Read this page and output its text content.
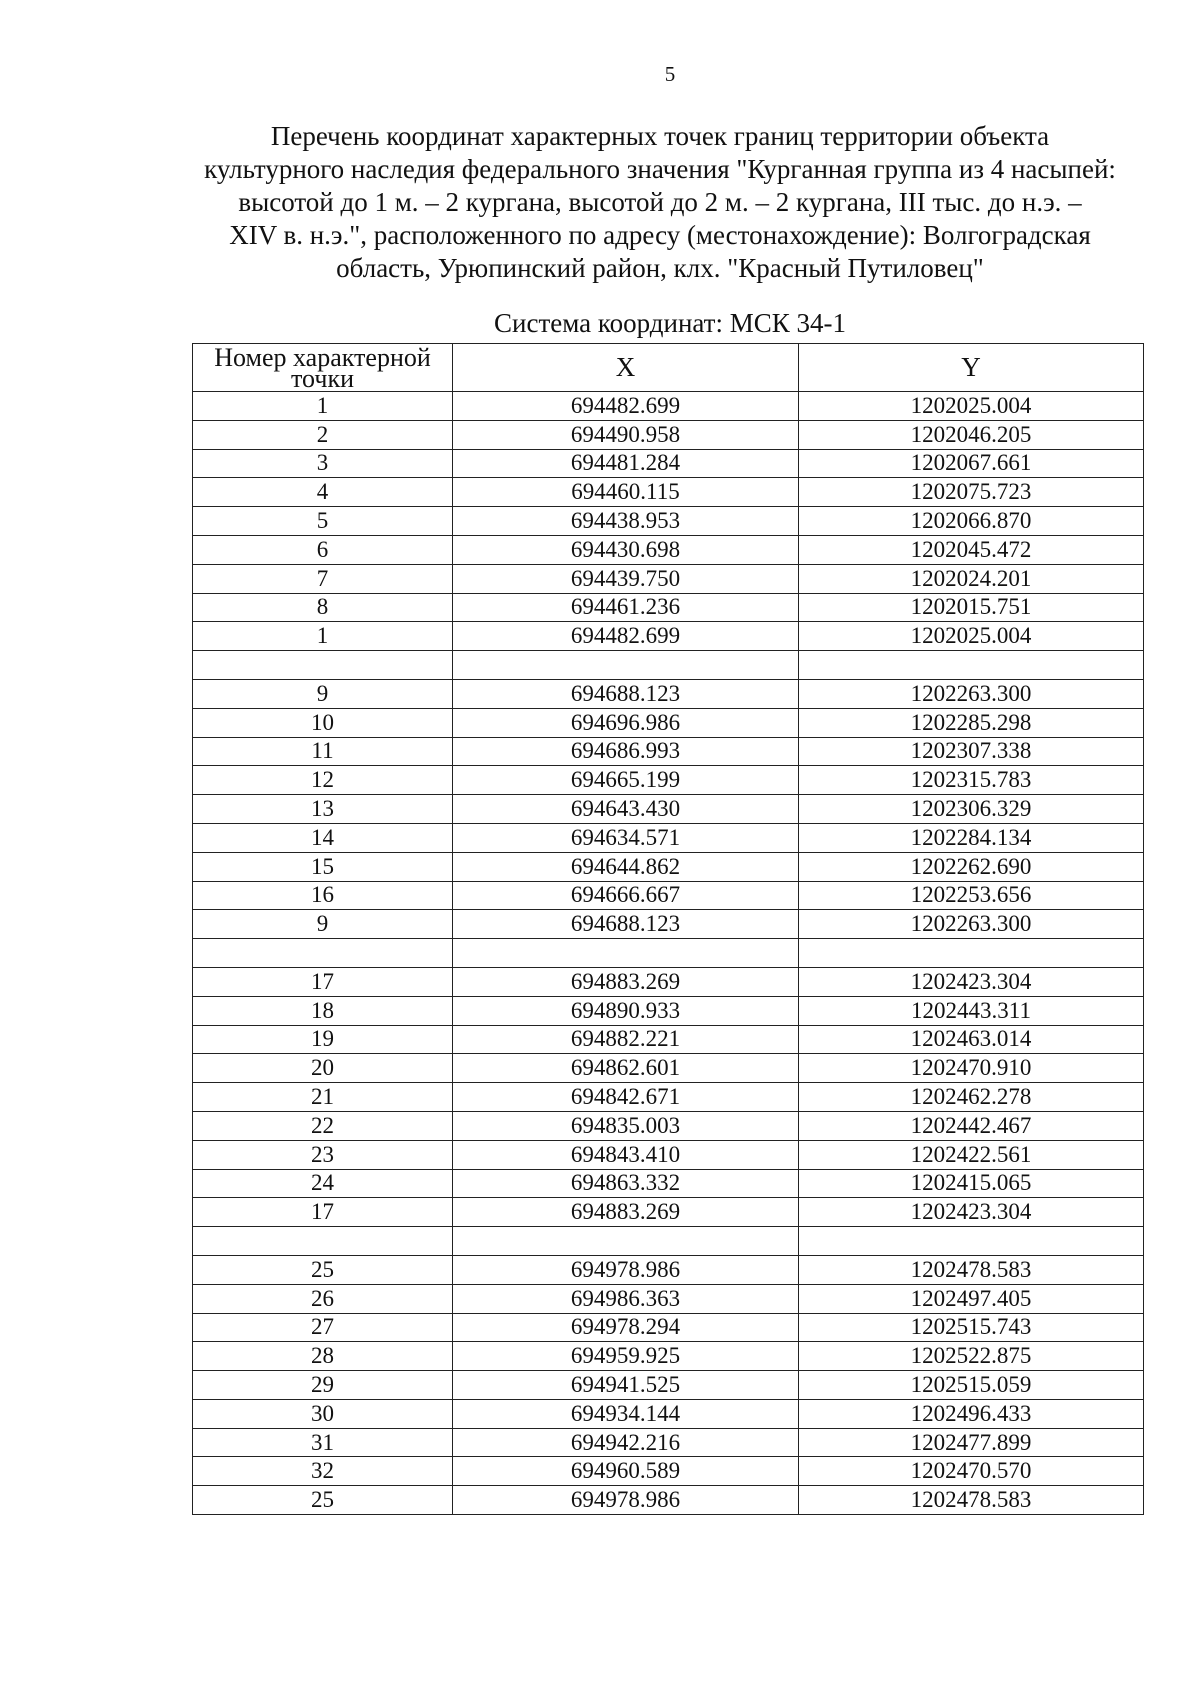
5
Перечень координат характерных точек границ территории объекта
культурного наследия федерального значения "Курганная группа из 4 насыпей:
высотой до 1 м. – 2 кургана, высотой до 2 м. – 2 кургана, III тыс. до н.э. –
XIV в. н.э.", расположенного по адресу (местонахождение): Волгоградская
область, Урюпинский район, клх. "Красный Путиловец"
Система координат: МСК 34-1
Номер характерной
точки	X	Y
1	694482.699	1202025.004
2	694490.958	1202046.205
3	694481.284	1202067.661
4	694460.115	1202075.723
5	694438.953	1202066.870
6	694430.698	1202045.472
7	694439.750	1202024.201
8	694461.236	1202015.751
1	694482.699	1202025.004

9	694688.123	1202263.300
10	694696.986	1202285.298
11	694686.993	1202307.338
12	694665.199	1202315.783
13	694643.430	1202306.329
14	694634.571	1202284.134
15	694644.862	1202262.690
16	694666.667	1202253.656
9	694688.123	1202263.300

17	694883.269	1202423.304
18	694890.933	1202443.311
19	694882.221	1202463.014
20	694862.601	1202470.910
21	694842.671	1202462.278
22	694835.003	1202442.467
23	694843.410	1202422.561
24	694863.332	1202415.065
17	694883.269	1202423.304

25	694978.986	1202478.583
26	694986.363	1202497.405
27	694978.294	1202515.743
28	694959.925	1202522.875
29	694941.525	1202515.059
30	694934.144	1202496.433
31	694942.216	1202477.899
32	694960.589	1202470.570
25	694978.986	1202478.583
